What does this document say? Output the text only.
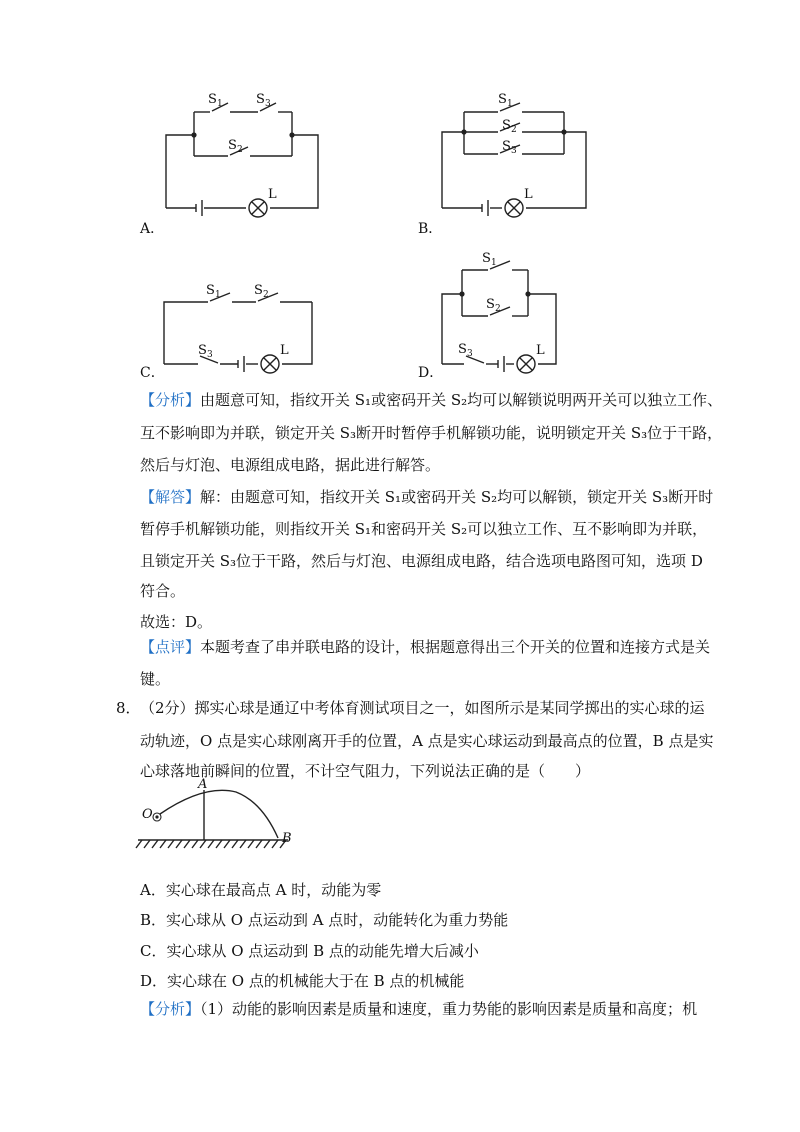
S 1	S 3
S 2
L
A．
S 1
S 2
S 3
L
B．
S 1	S 2
S 3	L
C．
S 1
S 2
S 3	L
D．
【分析】由题意可知，指纹开关 S₁或密码开关 S₂均可以解锁说明两开关可以独立工作、
互不影响即为并联，锁定开关 S₃断开时暂停手机解锁功能，说明锁定开关 S₃位于干路，
然后与灯泡、电源组成电路，据此进行解答。
【解答】解：由题意可知，指纹开关 S₁或密码开关 S₂均可以解锁，锁定开关 S₃断开时
暂停手机解锁功能，则指纹开关 S₁和密码开关 S₂可以独立工作、互不影响即为并联，
且锁定开关 S₃位于干路，然后与灯泡、电源组成电路，结合选项电路图可知，选项 D
符合。
故选：D。
【点评】本题考查了串并联电路的设计，根据题意得出三个开关的位置和连接方式是关
键。
8． （2分）掷实心球是通辽中考体育测试项目之一，如图所示是某同学掷出的实心球的运
动轨迹，O 点是实心球刚离开手的位置，A 点是实心球运动到最高点的位置，B 点是实
心球落地前瞬间的位置，不计空气阻力，下列说法正确的是（　　）
O
A
B
A．实心球在最高点 A 时，动能为零
B．实心球从 O 点运动到 A 点时，动能转化为重力势能
C．实心球从 O 点运动到 B 点的动能先增大后减小
D．实心球在 O 点的机械能大于在 B 点的机械能
【分析】（1）动能的影响因素是质量和速度，重力势能的影响因素是质量和高度；机
